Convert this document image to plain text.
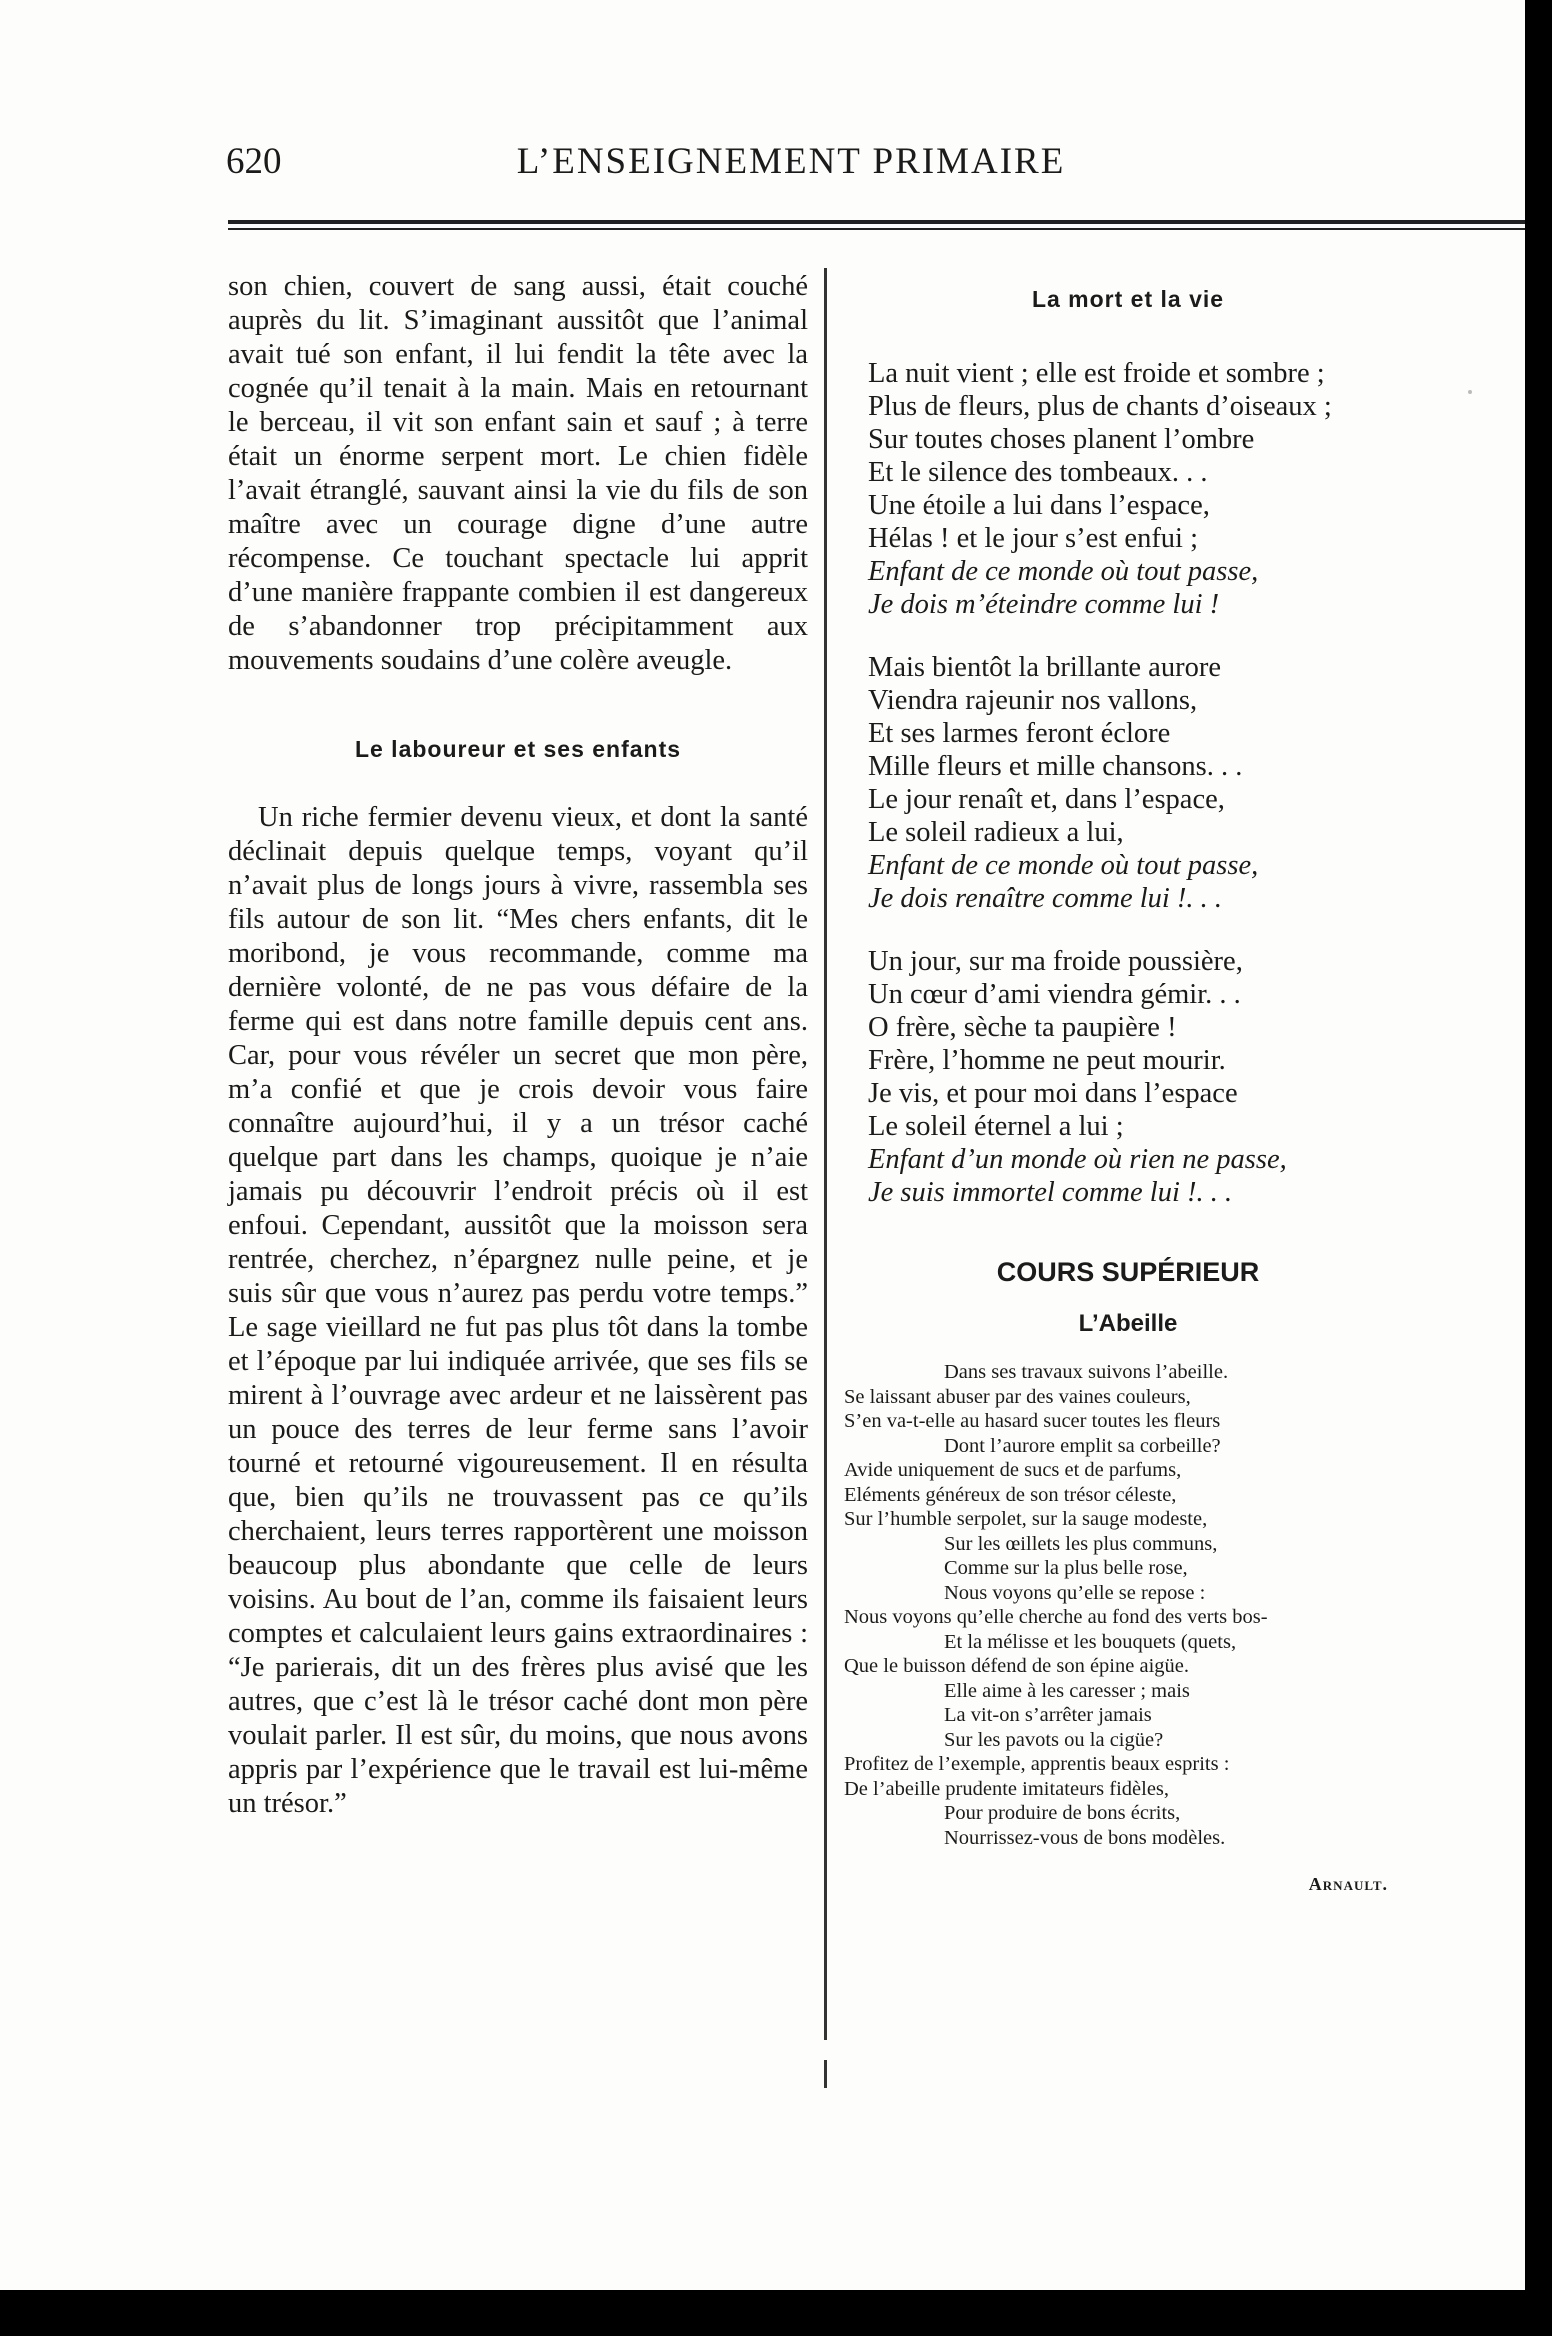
620	L’ENSEIGNEMENT PRIMAIRE

son chien, couvert de sang aussi, était couché auprès du lit. S’imaginant aussitôt que l’animal avait tué son enfant, il lui fendit la tête avec la cognée qu’il tenait à la main. Mais en retournant le berceau, il vit son enfant sain et sauf ; à terre était un énorme serpent mort. Le chien fidèle l’avait étranglé, sauvant ainsi la vie du fils de son maître avec un courage digne d’une autre récompense. Ce touchant spectacle lui apprit d’une manière frappante combien il est dangereux de s’abandonner trop précipitamment aux mouvements soudains d’une colère aveugle.

Le laboureur et ses enfants

Un riche fermier devenu vieux, et dont la santé déclinait depuis quelque temps, voyant qu’il n’avait plus de longs jours à vivre, rassembla ses fils autour de son lit. “Mes chers enfants, dit le moribond, je vous recommande, comme ma dernière volonté, de ne pas vous défaire de la ferme qui est dans notre famille depuis cent ans. Car, pour vous révéler un secret que mon père, m’a confié et que je crois devoir vous faire connaître aujourd’hui, il y a un trésor caché quelque part dans les champs, quoique je n’aie jamais pu découvrir l’endroit précis où il est enfoui. Cependant, aussitôt que la moisson sera rentrée, cherchez, n’épargnez nulle peine, et je suis sûr que vous n’aurez pas perdu votre temps.” Le sage vieillard ne fut pas plus tôt dans la tombe et l’époque par lui indiquée arrivée, que ses fils se mirent à l’ouvrage avec ardeur et ne laissèrent pas un pouce des terres de leur ferme sans l’avoir tourné et retourné vigoureusement. Il en résulta que, bien qu’ils ne trouvassent pas ce qu’ils cherchaient, leurs terres rapportèrent une moisson beaucoup plus abondante que celle de leurs voisins. Au bout de l’an, comme ils faisaient leurs comptes et calculaient leurs gains extraordinaires : “Je parierais, dit un des frères plus avisé que les autres, que c’est là le trésor caché dont mon père voulait parler. Il est sûr, du moins, que nous avons appris par l’expérience que le travail est lui-même un trésor.”

La mort et la vie
La nuit vient ; elle est froide et sombre ;
Plus de fleurs, plus de chants d’oiseaux ;
Sur toutes choses planent l’ombre
Et le silence des tombeaux. . .
Une étoile a lui dans l’espace,
Hélas ! et le jour s’est enfui ;
Enfant de ce monde où tout passe,
Je dois m’éteindre comme lui !
Mais bientôt la brillante aurore
Viendra rajeunir nos vallons,
Et ses larmes feront éclore
Mille fleurs et mille chansons. . .
Le jour renaît et, dans l’espace,
Le soleil radieux a lui,
Enfant de ce monde où tout passe,
Je dois renaître comme lui !. . .
Un jour, sur ma froide poussière,
Un cœur d’ami viendra gémir. . .
O frère, sèche ta paupière !
Frère, l’homme ne peut mourir.
Je vis, et pour moi dans l’espace
Le soleil éternel a lui ;
Enfant d’un monde où rien ne passe,
Je suis immortel comme lui !. . .
COURS SUPÉRIEUR
L’Abeille
Dans ses travaux suivons l’abeille.
Se laissant abuser par des vaines couleurs,
S’en va-t-elle au hasard sucer toutes les fleurs
Dont l’aurore emplit sa corbeille?
Avide uniquement de sucs et de parfums,
Eléments généreux de son trésor céleste,
Sur l’humble serpolet, sur la sauge modeste,
Sur les œillets les plus communs,
Comme sur la plus belle rose,
Nous voyons qu’elle se repose :
Nous voyons qu’elle cherche au fond des verts bos-
Et la mélisse et les bouquets (quets,
Que le buisson défend de son épine aigüe.
Elle aime à les caresser ; mais
La vit-on s’arrêter jamais
Sur les pavots ou la cigüe?
Profitez de l’exemple, apprentis beaux esprits :
De l’abeille prudente imitateurs fidèles,
Pour produire de bons écrits,
Nourrissez-vous de bons modèles.

Arnault.
